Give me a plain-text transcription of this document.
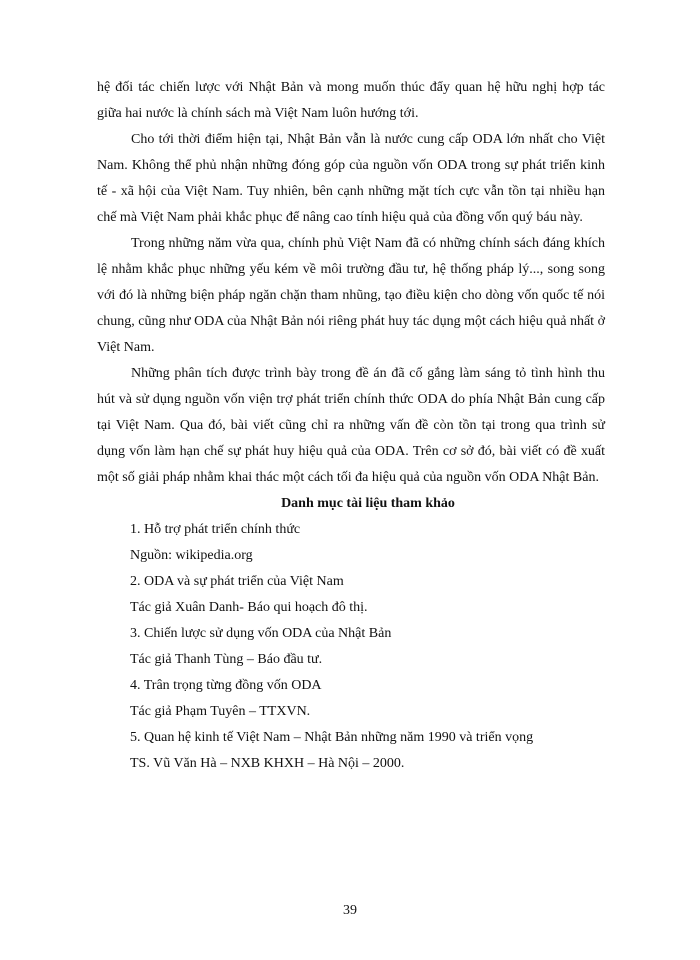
hệ đối tác chiến lược với Nhật Bản và mong muốn thúc đẩy quan hệ hữu nghị hợp tác giữa hai nước là chính sách mà Việt Nam luôn hướng tới.

Cho tới thời điểm hiện tại, Nhật Bản vẫn là nước cung cấp ODA lớn nhất cho Việt Nam. Không thể phủ nhận những đóng góp của nguồn vốn ODA trong sự phát triển kinh tế - xã hội của Việt Nam. Tuy nhiên, bên cạnh những mặt tích cực vẫn tồn tại nhiều hạn chế mà Việt Nam phải khắc phục để nâng cao tính hiệu quả của đồng vốn quý báu này.

Trong những năm vừa qua, chính phủ Việt Nam đã có những chính sách đáng khích lệ nhằm khắc phục những yếu kém về môi trường đầu tư, hệ thống pháp lý..., song song với đó là những biện pháp ngăn chặn tham nhũng, tạo điều kiện cho dòng vốn quốc tế nói chung, cũng như ODA của Nhật Bản nói riêng phát huy tác dụng một cách hiệu quả nhất ở Việt Nam.

Những phân tích được trình bày trong đề án đã cố gắng làm sáng tỏ tình hình thu hút và sử dụng nguồn vốn viện trợ phát triển chính thức ODA do phía Nhật Bản cung cấp tại Việt Nam. Qua đó, bài viết cũng chỉ ra những vấn đề còn tồn tại trong qua trình sử dụng vốn làm hạn chế sự phát huy hiệu quả của ODA. Trên cơ sở đó, bài viết có đề xuất một số giải pháp nhằm khai thác một cách tối đa hiệu quả của nguồn vốn ODA Nhật Bản.

Danh mục tài liệu tham khảo
1. Hỗ trợ phát triển chính thức
Nguồn: wikipedia.org
2. ODA và sự phát triển của Việt Nam
Tác giả Xuân Danh- Báo qui hoạch đô thị.
3. Chiến lược sử dụng vốn ODA của Nhật Bản
Tác giả Thanh Tùng – Báo đầu tư.
4. Trân trọng từng đồng vốn ODA
Tác giả Phạm Tuyên – TTXVN.
5. Quan hệ kinh tế Việt Nam – Nhật Bản những năm 1990 và triển vọng
TS. Vũ Văn Hà – NXB KHXH – Hà Nội – 2000.
39
